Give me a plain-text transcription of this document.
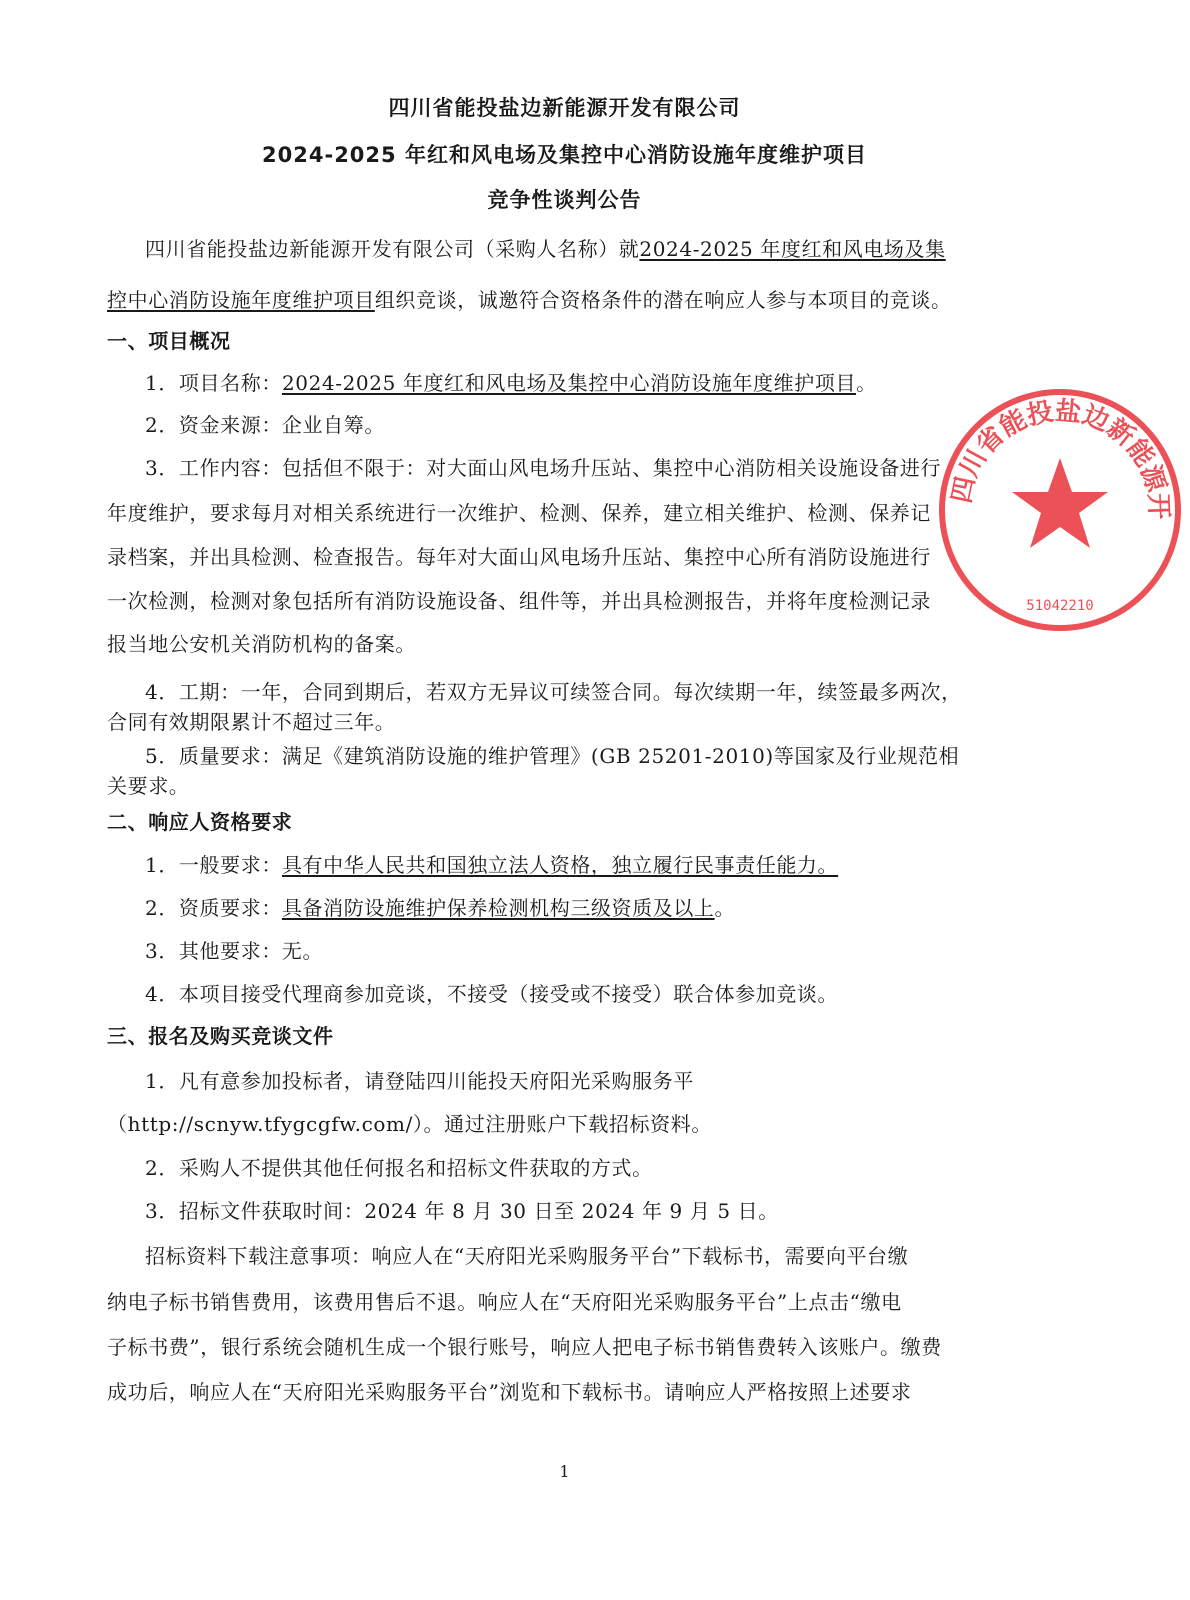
四川省能投盐边新能源开发有限公司
2024-2025 年红和风电场及集控中心消防设施年度维护项目
竞争性谈判公告
四川省能投盐边新能源开发有限公司（采购人名称）就2024-2025 年度红和风电场及集
控中心消防设施年度维护项目组织竞谈，诚邀符合资格条件的潜在响应人参与本项目的竞谈。
一、项目概况
1．项目名称：2024-2025 年度红和风电场及集控中心消防设施年度维护项目。
2．资金来源：企业自筹。
3．工作内容：包括但不限于：对大面山风电场升压站、集控中心消防相关设施设备进行
年度维护，要求每月对相关系统进行一次维护、检测、保养，建立相关维护、检测、保养记
录档案，并出具检测、检查报告。每年对大面山风电场升压站、集控中心所有消防设施进行
一次检测，检测对象包括所有消防设施设备、组件等，并出具检测报告，并将年度检测记录
报当地公安机关消防机构的备案。
4．工期：一年，合同到期后，若双方无异议可续签合同。每次续期一年，续签最多两次，
合同有效期限累计不超过三年。
5．质量要求：满足《建筑消防设施的维护管理》(GB 25201-2010)等国家及行业规范相
关要求。
二、响应人资格要求
1．一般要求：具有中华人民共和国独立法人资格，独立履行民事责任能力。
2．资质要求：具备消防设施维护保养检测机构三级资质及以上。
3．其他要求：无。
4．本项目接受代理商参加竞谈，不接受（接受或不接受）联合体参加竞谈。
三、报名及购买竞谈文件
1．凡有意参加投标者，请登陆四川能投天府阳光采购服务平
（http://scnyw.tfygcgfw.com/）。通过注册账户下载招标资料。
2．采购人不提供其他任何报名和招标文件获取的方式。
3．招标文件获取时间：2024 年 8 月 30 日至 2024 年 9 月 5 日。
招标资料下载注意事项：响应人在“天府阳光采购服务平台”下载标书，需要向平台缴
纳电子标书销售费用，该费用售后不退。响应人在“天府阳光采购服务平台”上点击“缴电
子标书费”，银行系统会随机生成一个银行账号，响应人把电子标书销售费转入该账户。缴费
成功后，响应人在“天府阳光采购服务平台”浏览和下载标书。请响应人严格按照上述要求
1
四川省能投盐边新能源开
51042210
